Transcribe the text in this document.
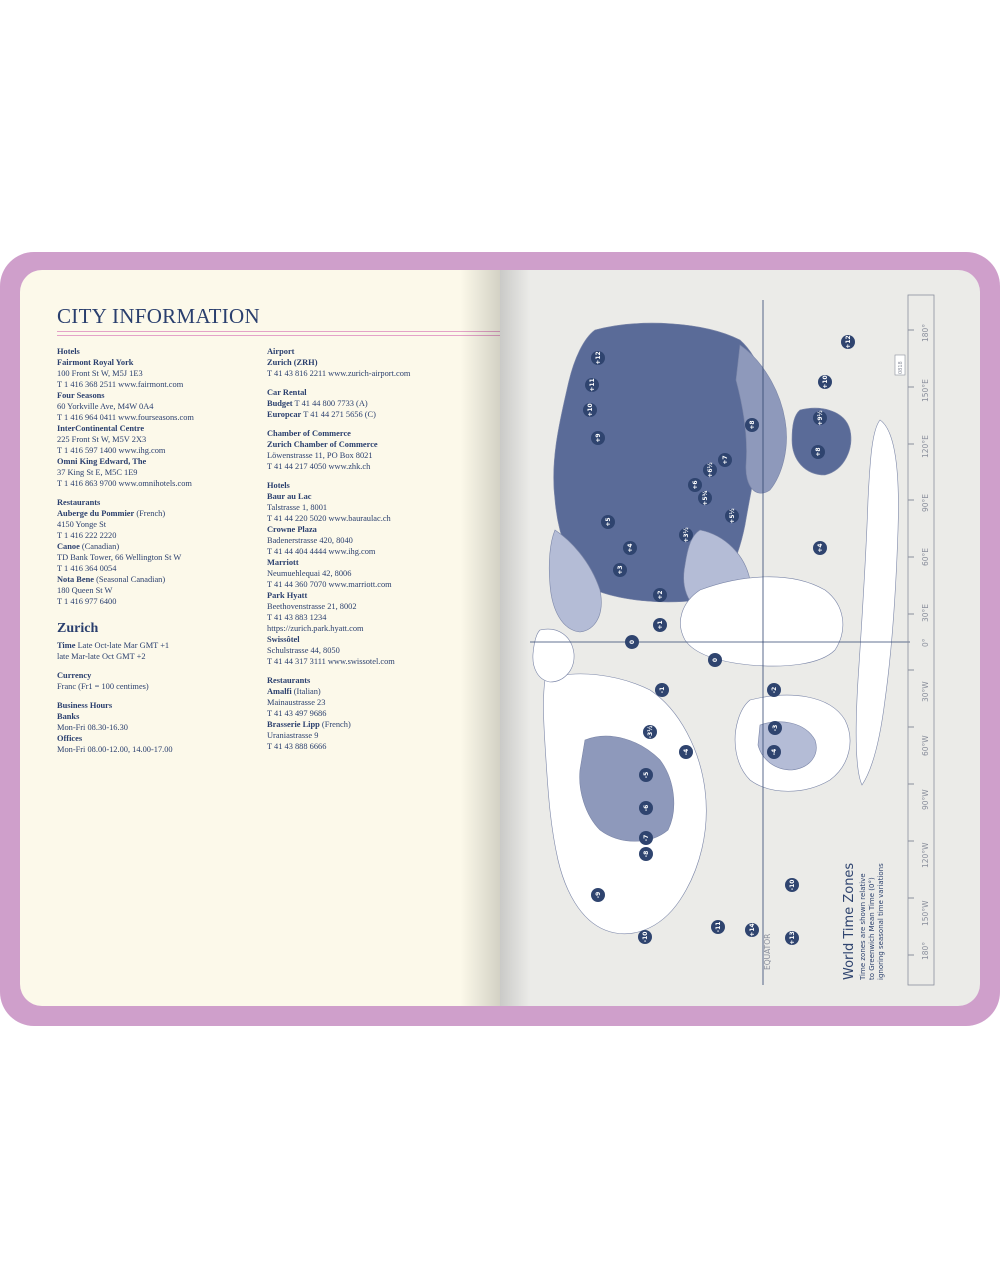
CITY INFORMATION

Hotels

Fairmont Royal York

100 Front St W, M5J 1E3

T 1 416 368 2511 www.fairmont.com

Four Seasons

60 Yorkville Ave, M4W 0A4

T 1 416 964 0411 www.fourseasons.com

InterContinental Centre

225 Front St W, M5V 2X3

T 1 416 597 1400 www.ihg.com

Omni King Edward, The

37 King St E, M5C 1E9

T 1 416 863 9700 www.omnihotels.com

Restaurants

Auberge du Pommier (French)

4150 Yonge St

T 1 416 222 2220

Canoe (Canadian)

TD Bank Tower, 66 Wellington St W

T 1 416 364 0054

Nota Bene (Seasonal Canadian)

180 Queen St W

T 1 416 977 6400

Zurich

Time Late Oct-late Mar GMT +1

late Mar-late Oct GMT +2

Currency

Franc (Fr1 = 100 centimes)

Business Hours

Banks

Mon-Fri 08.30-16.30

Offices

Mon-Fri 08.00-12.00, 14.00-17.00

Airport

Zurich (ZRH)

T 41 43 816 2211 www.zurich-airport.com

Car Rental

Budget T 41 44 800 7733 (A)

Europcar T 41 44 271 5656 (C)

Chamber of Commerce

Zurich Chamber of Commerce

Löwenstrasse 11, PO Box 8021

T 41 44 217 4050 www.zhk.ch

Hotels

Baur au Lac

Talstrasse 1, 8001

T 41 44 220 5020 www.bauraulac.ch

Crowne Plaza

Badenerstrasse 420, 8040

T 41 44 404 4444 www.ihg.com

Marriott

Neumuehlequai 42, 8006

T 41 44 360 7070 www.marriott.com

Park Hyatt

Beethovenstrasse 21, 8002

T 41 43 883 1234

https://zurich.park.hyatt.com

Swissôtel

Schulstrasse 44, 8050

T 41 44 317 3111 www.swissotel.com

Restaurants

Amalfi (Italian)

Mainaustrasse 23

T 41 43 497 9686

Brasserie Lipp (French)

Uraniastrasse 9

T 41 43 888 6666

EQUATOR
180°
150°E
120°E
90°E
60°E
30°E
0°
30°W
60°W
90°W
120°W
150°W
180°
0818
+12
+12
+11
+10
+10
+9
+9½
+8
+8
+7
+6½
+6
+5¾
+5½
+5
+4	+4
+3½
+3
+2
+1
0
0
-1	-2
-3
-3½
-4	-4
-5
-6
-7
-8
-9
-10
-10
-11
+13
+14	World Time Zones Time zones are shown relative to Greenwich Mean Time (0°) ignoring seasonal time variations
